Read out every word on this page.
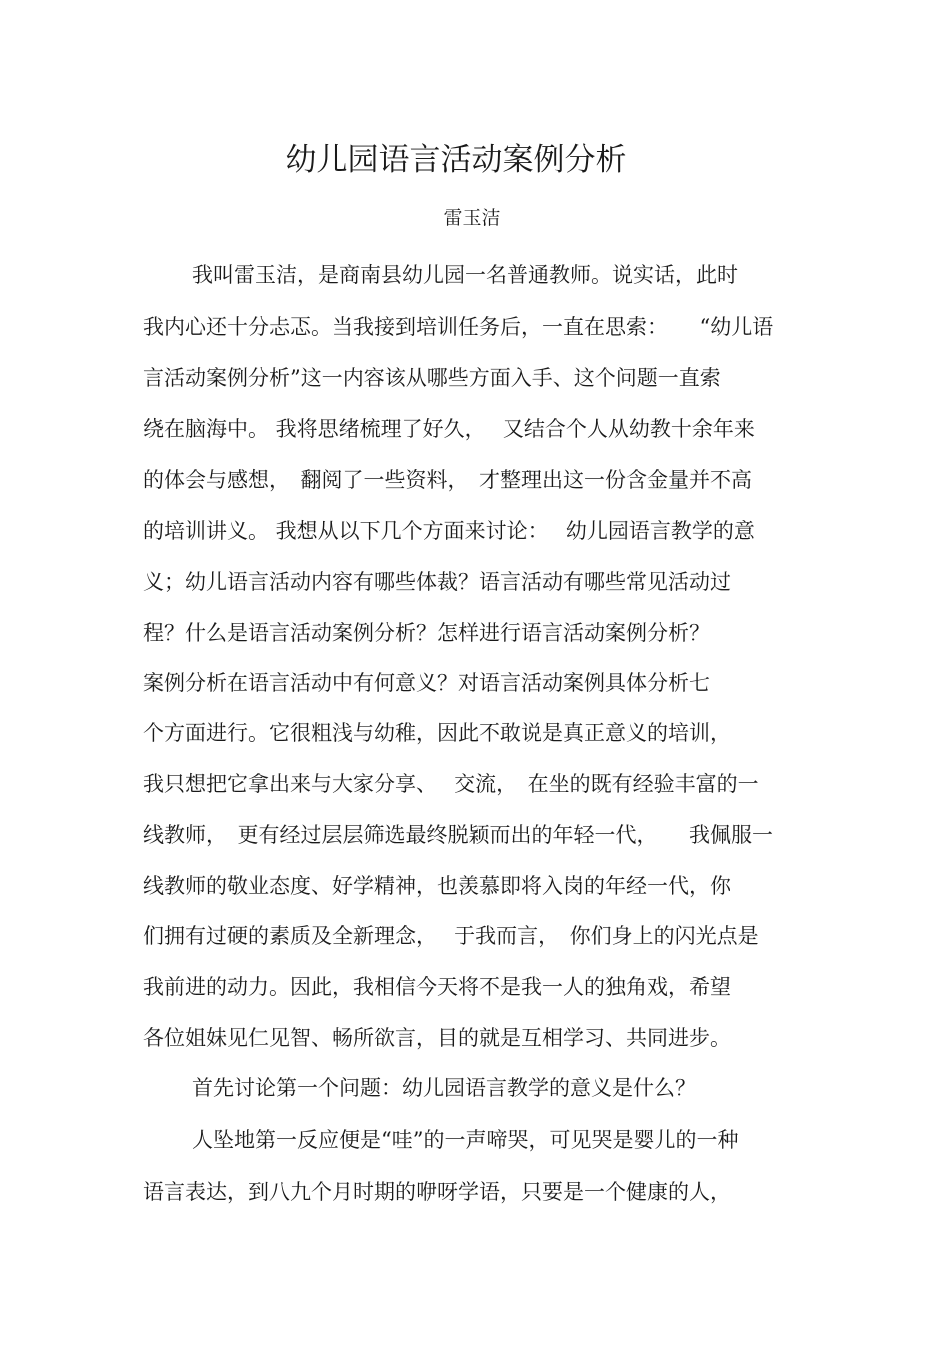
幼儿园语言活动案例分析
雷玉洁
我叫雷玉洁，是商南县幼儿园一名普通教师。说实话，此时
我内心还十分忐忑。当我接到培训任务后，一直在思索：　　“幼儿语
言活动案例分析”这一内容该从哪些方面入手、这个问题一直索
绕在脑海中。 我将思绪梳理了好久，　 又结合个人从幼教十余年来
的体会与感想，　翻阅了一些资料，　才整理出这一份含金量并不高
的培训讲义。 我想从以下几个方面来讨论：　 幼儿园语言教学的意
义；幼儿语言活动内容有哪些体裁？语言活动有哪些常见活动过
程？什么是语言活动案例分析？怎样进行语言活动案例分析？
案例分析在语言活动中有何意义？对语言活动案例具体分析七
个方面进行。它很粗浅与幼稚，因此不敢说是真正意义的培训，
我只想把它拿出来与大家分享、　 交流，　在坐的既有经验丰富的一
线教师，　更有经过层层筛选最终脱颖而出的年轻一代，　　我佩服一
线教师的敬业态度、好学精神，也羡慕即将入岗的年经一代，你
们拥有过硬的素质及全新理念，　 于我而言，　你们身上的闪光点是
我前进的动力。因此，我相信今天将不是我一人的独角戏，希望
各位姐妹见仁见智、畅所欲言，目的就是互相学习、共同进步。
首先讨论第一个问题：幼儿园语言教学的意义是什么？
人坠地第一反应便是“哇”的一声啼哭，可见哭是婴儿的一种
语言表达，到八九个月时期的咿呀学语，只要是一个健康的人，
